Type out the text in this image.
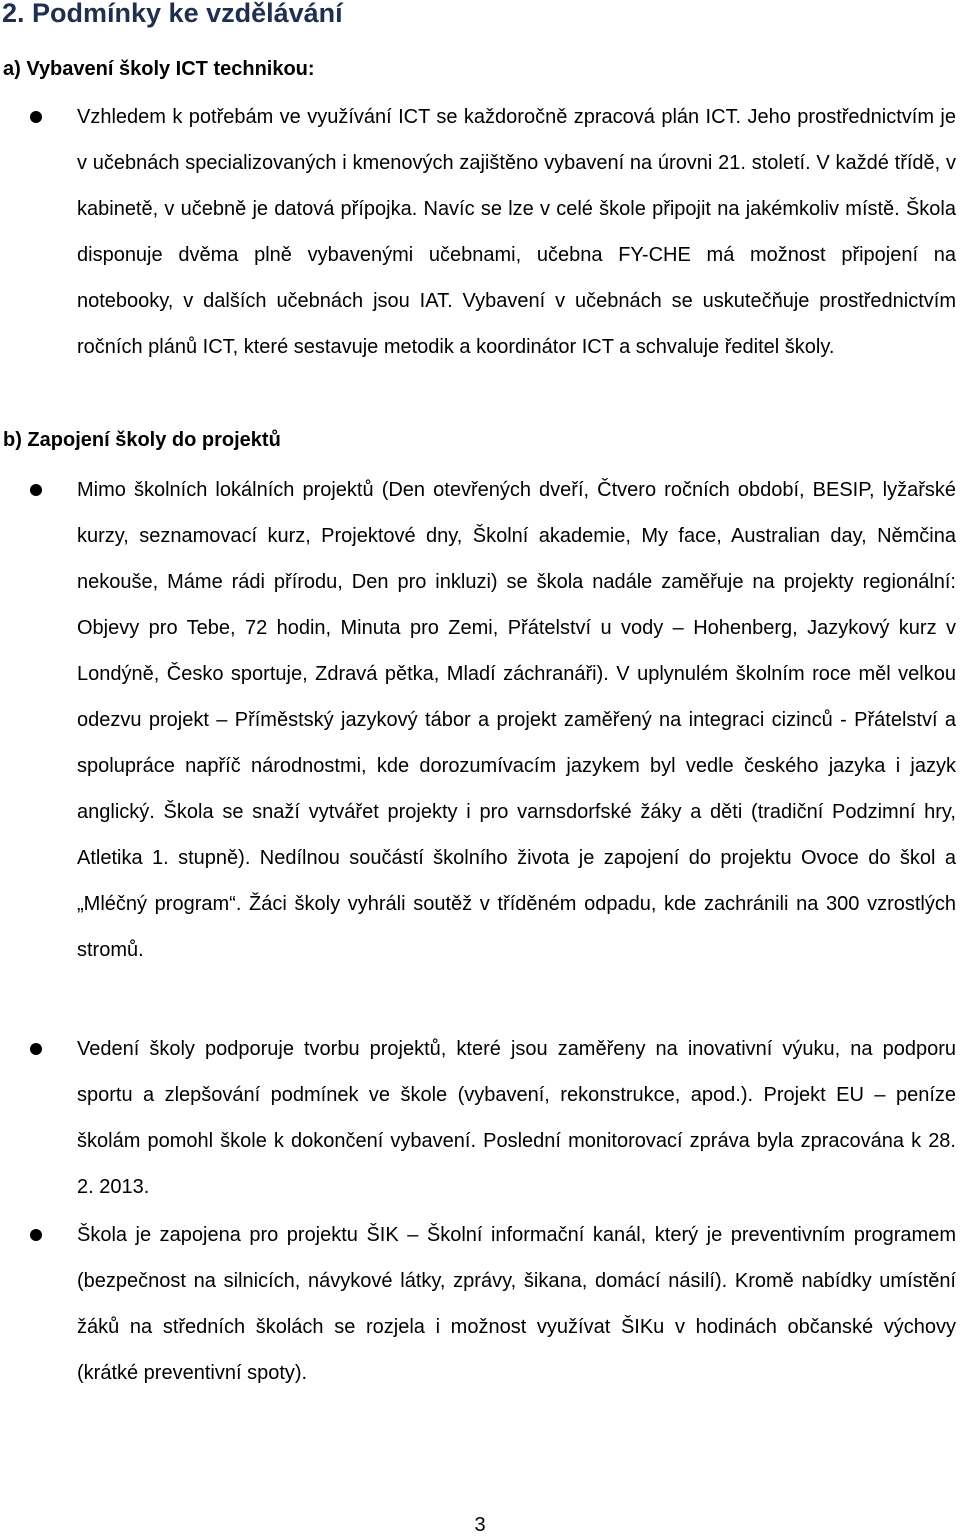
2. Podmínky ke vzdělávání
a) Vybavení školy ICT technikou:

Vzhledem k potřebám ve využívání ICT se každoročně zpracová plán ICT. Jeho prostřednictvím je v učebnách specializovaných i kmenových zajištěno vybavení na úrovni 21. století. V každé třídě, v kabinetě, v učebně je datová přípojka. Navíc se lze v celé škole připojit na jakémkoliv místě. Škola disponuje dvěma plně vybavenými učebnami, učebna FY-CHE má možnost připojení na notebooky, v dalších učebnách jsou IAT. Vybavení v učebnách se uskutečňuje prostřednictvím ročních plánů ICT, které sestavuje metodik a koordinátor ICT a schvaluje ředitel školy.

b) Zapojení školy do projektů

Mimo školních lokálních projektů (Den otevřených dveří, Čtvero ročních období, BESIP, lyžařské kurzy, seznamovací kurz, Projektové dny, Školní akademie, My face, Australian day, Němčina nekouše, Máme rádi přírodu, Den pro inkluzi) se škola nadále zaměřuje na projekty regionální: Objevy pro Tebe, 72 hodin, Minuta pro Zemi, Přátelství u vody – Hohenberg, Jazykový kurz v Londýně, Česko sportuje, Zdravá pětka, Mladí záchranáři). V uplynulém školním roce měl velkou odezvu projekt – Příměstský jazykový tábor a projekt zaměřený na integraci cizinců - Přátelství a spolupráce napříč národnostmi, kde dorozumívacím jazykem byl vedle českého jazyka i jazyk anglický. Škola se snaží vytvářet projekty i pro varnsdorfské žáky a děti (tradiční Podzimní hry, Atletika 1. stupně). Nedílnou součástí školního života je zapojení do projektu Ovoce do škol a „Mléčný program“. Žáci školy vyhráli soutěž v tříděném odpadu, kde zachránili na 300 vzrostlých stromů.

Vedení školy podporuje tvorbu projektů, které jsou zaměřeny na inovativní výuku, na podporu sportu a zlepšování podmínek ve škole (vybavení, rekonstrukce, apod.). Projekt EU – peníze školám pomohl škole k dokončení vybavení. Poslední monitorovací zpráva byla zpracována k 28. 2. 2013.

Škola je zapojena pro projektu ŠIK – Školní informační kanál, který je preventivním programem (bezpečnost na silnicích, návykové látky, zprávy, šikana, domácí násilí). Kromě nabídky umístění žáků na středních školách se rozjela i možnost využívat ŠIKu v hodinách občanské výchovy (krátké preventivní spoty).

3
